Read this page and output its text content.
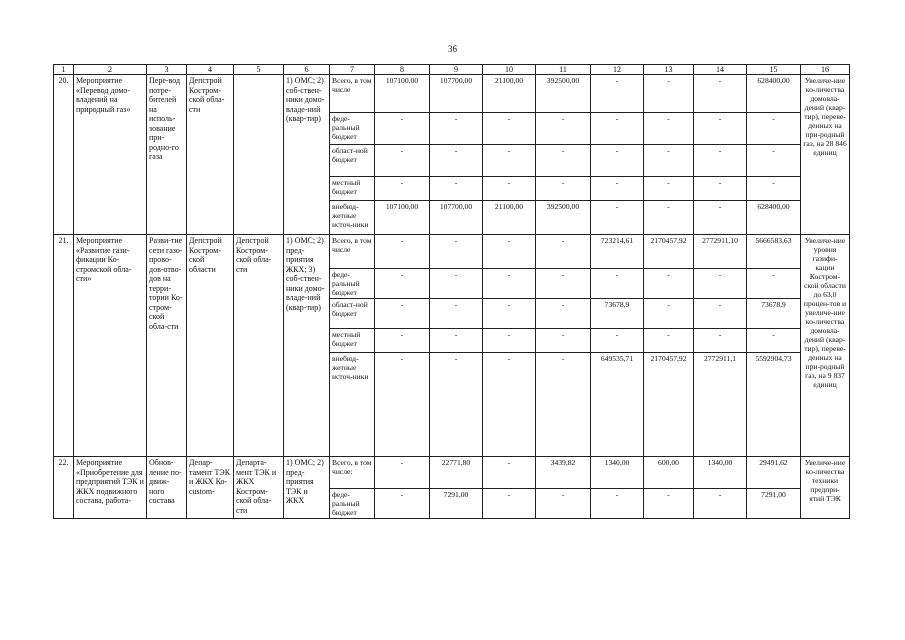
36
1	2	3	4	5	6	7	8	9	10	11	12	13	14	15	16
20.	Мероприятие «Перевод домо-владений на природный газ»	Пере-вод потре-бителей на исполь-зование при-родно-го газа	Депстрой Костром-ской обла-сти		1) ОМС; 2) соб-ствен-ники домо-владе-ний (квар-тир)	Всего, в том числе	107100,00	107700,00	21100,00	392500,00	-	-	-	628400,00	Увеличе-ние ко-личества домовла-дений (квар-тир), переве-денных на при-родный газ, на 28 846 единиц
						феде-ральный бюджет	-	-	-	-	-	-	-	-	
						област-ной бюджет	-	-	-	-	-	-	-	-	
						местный бюджет	-	-	-	-	-	-	-	-	
						внебюд-жетные источ-ники	107100,00	107700,00	21100,00	392500,00	-	-	-	628400,00	
21.	Мероприятие «Развитие гази-фикации Ко-стромской обла-сти»	Разви-тие сети газо-прово-дов-отво-дов на терри-тории Ко-стром-ской обла-сти	Депстрой Костром-ской области	Депстрой Костром-ской обла-сти	1) ОМС; 2) пред-приятия ЖКХ; 3) соб-ствен-ники домо-владе-ний (квар-тир)	Всего, в том числе	-	-	-	-	723214,61	2170457,92	2772911,10	5666583,63	Увеличе-ние уровня газифи-кации Костром-ской области до 63,0 процен-тов и увеличе-ние ко-личества домовла-дений (квар-тир), переве-денных на при-родный газ, на 9 837 единиц
						феде-ральный бюджет	-	-	-	-	-	-	-	-	
						област-ной бюджет	-	-	-	-	73678,9	-	-	73678,9	
						местный бюджет	-	-	-	-	-	-	-	-	
						внебюд-жетные источ-ники	-	-	-	-	649535,71	2170457,92	2772911,1	5592904,73	
22.	Мероприятие «Приобретение для предприятий ТЭК и ЖКХ подвижного состава, работа-	Обнов-ление по-движ-ного состава	Депар-тамент ТЭК и ЖКХ Ко-custom-	Департа-мент ТЭК и ЖКХ Костром-ской обла-сти	1) ОМС; 2) пред-приятия ТЭК и ЖКХ	Всего, в том числе:	-	22771,80	-	3439,82	1340,00	600,00	1340,00	29491,62	Увеличе-ние ко-личества техники предпри-ятий ТЭК
						феде-ральный бюджет	-	7291,00	-	-	-	-	-	7291,00	
